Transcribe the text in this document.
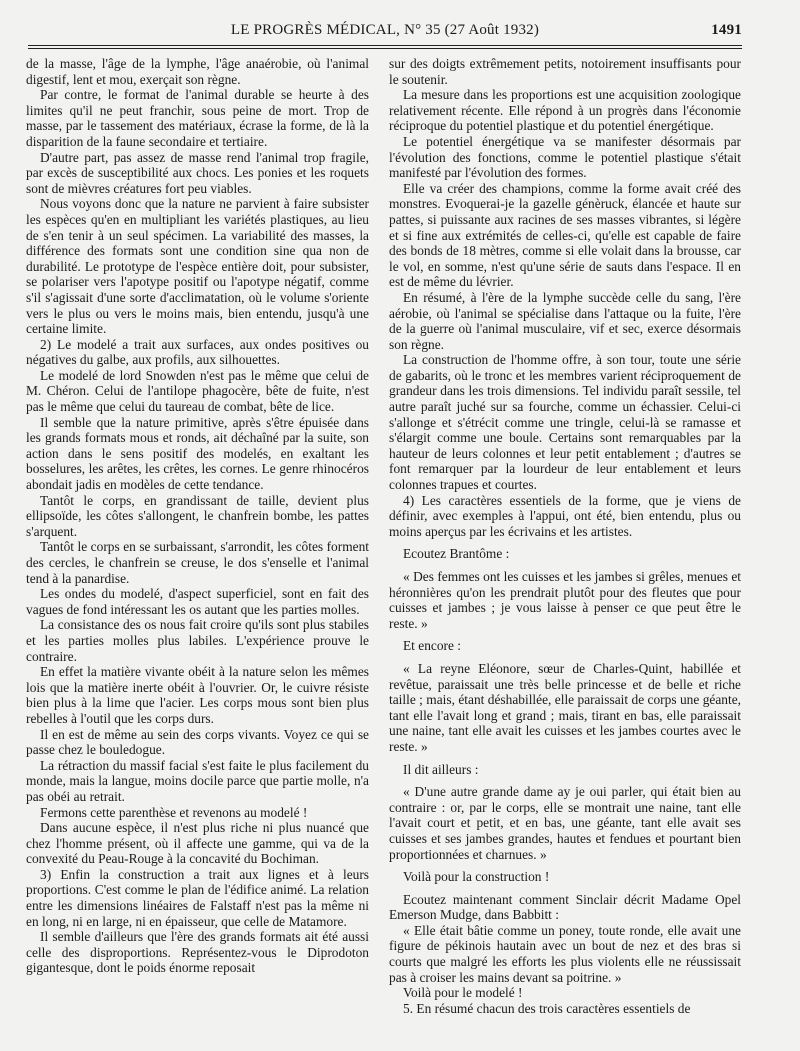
LE PROGRÈS MÉDICAL, N° 35 (27 Août 1932)	1491

de la masse, l'âge de la lymphe, l'âge anaérobie, où l'animal digestif, lent et mou, exerçait son règne.

Par contre, le format de l'animal durable se heurte à des limites qu'il ne peut franchir, sous peine de mort. Trop de masse, par le tassement des matériaux, écrase la forme, de là la disparition de la faune secondaire et tertiaire.

D'autre part, pas assez de masse rend l'animal trop fragile, par excès de susceptibilité aux chocs. Les ponies et les roquets sont de mièvres créatures fort peu viables.

Nous voyons donc que la nature ne parvient à faire subsister les espèces qu'en en multipliant les variétés plastiques, au lieu de s'en tenir à un seul spécimen. La variabilité des masses, la différence des formats sont une condition sine qua non de durabilité. Le prototype de l'espèce entière doit, pour subsister, se polariser vers l'apotype positif ou l'apotype négatif, comme s'il s'agissait d'une sorte d'acclimatation, où le volume s'oriente vers le plus ou vers le moins mais, bien entendu, jusqu'à une certaine limite.

2) Le modelé a trait aux surfaces, aux ondes positives ou négatives du galbe, aux profils, aux silhouettes.

Le modelé de lord Snowden n'est pas le même que celui de M. Chéron. Celui de l'antilope phagocère, bête de fuite, n'est pas le même que celui du taureau de combat, bête de lice.

Il semble que la nature primitive, après s'être épuisée dans les grands formats mous et ronds, ait déchaîné par la suite, son action dans le sens positif des modelés, en exaltant les bosselures, les arêtes, les crêtes, les cornes. Le genre rhinocéros abondait jadis en modèles de cette tendance.

Tantôt le corps, en grandissant de taille, devient plus ellipsoïde, les côtes s'allongent, le chanfrein bombe, les pattes s'arquent.

Tantôt le corps en se surbaissant, s'arrondit, les côtes forment des cercles, le chanfrein se creuse, le dos s'enselle et l'animal tend à la panardise.

Les ondes du modelé, d'aspect superficiel, sont en fait des vagues de fond intéressant les os autant que les parties molles.

La consistance des os nous fait croire qu'ils sont plus stabiles et les parties molles plus labiles. L'expérience prouve le contraire.

En effet la matière vivante obéit à la nature selon les mêmes lois que la matière inerte obéit à l'ouvrier. Or, le cuivre résiste bien plus à la lime que l'acier. Les corps mous sont bien plus rebelles à l'outil que les corps durs.

Il en est de même au sein des corps vivants. Voyez ce qui se passe chez le bouledogue.

La rétraction du massif facial s'est faite le plus facilement du monde, mais la langue, moins docile parce que partie molle, n'a pas obéi au retrait.

Fermons cette parenthèse et revenons au modelé !

Dans aucune espèce, il n'est plus riche ni plus nuancé que chez l'homme présent, où il affecte une gamme, qui va de la convexité du Peau-Rouge à la concavité du Bochiman.

3) Enfin la construction a trait aux lignes et à leurs proportions. C'est comme le plan de l'édifice animé. La relation entre les dimensions linéaires de Falstaff n'est pas la même ni en long, ni en large, ni en épaisseur, que celle de Matamore.

Il semble d'ailleurs que l'ère des grands formats ait été aussi celle des disproportions. Représentez-vous le Diprodoton gigantesque, dont le poids énorme reposait

sur des doigts extrêmement petits, notoirement insuffisants pour le soutenir.

La mesure dans les proportions est une acquisition zoologique relativement récente. Elle répond à un progrès dans l'économie réciproque du potentiel plastique et du potentiel énergétique.

Le potentiel énergétique va se manifester désormais par l'évolution des fonctions, comme le potentiel plastique s'était manifesté par l'évolution des formes.

Elle va créer des champions, comme la forme avait créé des monstres. Evoquerai-je la gazelle génèruck, élancée et haute sur pattes, si puissante aux racines de ses masses vibrantes, si légère et si fine aux extrémités de celles-ci, qu'elle est capable de faire des bonds de 18 mètres, comme si elle volait dans la brousse, car le vol, en somme, n'est qu'une série de sauts dans l'espace. Il en est de même du lévrier.

En résumé, à l'ère de la lymphe succède celle du sang, l'ère aérobie, où l'animal se spécialise dans l'attaque ou la fuite, l'ère de la guerre où l'animal musculaire, vif et sec, exerce désormais son règne.

La construction de l'homme offre, à son tour, toute une série de gabarits, où le tronc et les membres varient réciproquement de grandeur dans les trois dimensions. Tel individu paraît sessile, tel autre paraît juché sur sa fourche, comme un échassier. Celui-ci s'allonge et s'étrécit comme une tringle, celui-là se ramasse et s'élargit comme une boule. Certains sont remarquables par la hauteur de leurs colonnes et leur petit entablement ; d'autres se font remarquer par la lourdeur de leur entablement et leurs colonnes trapues et courtes.

4) Les caractères essentiels de la forme, que je viens de définir, avec exemples à l'appui, ont été, bien entendu, plus ou moins aperçus par les écrivains et les artistes.

Ecoutez Brantôme :

« Des femmes ont les cuisses et les jambes si grêles, menues et héronnières qu'on les prendrait plutôt pour des fleutes que pour cuisses et jambes ; je vous laisse à penser ce que peut être le reste. »

Et encore :

« La reyne Eléonore, sœur de Charles-Quint, habillée et revêtue, paraissait une très belle princesse et de belle et riche taille ; mais, étant déshabillée, elle paraissait de corps une géante, tant elle l'avait long et grand ; mais, tirant en bas, elle paraissait une naine, tant elle avait les cuisses et les jambes courtes avec le reste. »

Il dit ailleurs :

« D'une autre grande dame ay je oui parler, qui était bien au contraire : or, par le corps, elle se montrait une naine, tant elle l'avait court et petit, et en bas, une géante, tant elle avait ses cuisses et ses jambes grandes, hautes et fendues et pourtant bien proportionnées et charnues. »

Voilà pour la construction !

Ecoutez maintenant comment Sinclair décrit Madame Opel Emerson Mudge, dans Babbitt :

« Elle était bâtie comme un poney, toute ronde, elle avait une figure de pékinois hautain avec un bout de nez et des bras si courts que malgré les efforts les plus violents elle ne réussissait pas à croiser les mains devant sa poitrine. »

Voilà pour le modelé !

5. En résumé chacun des trois caractères essentiels de
